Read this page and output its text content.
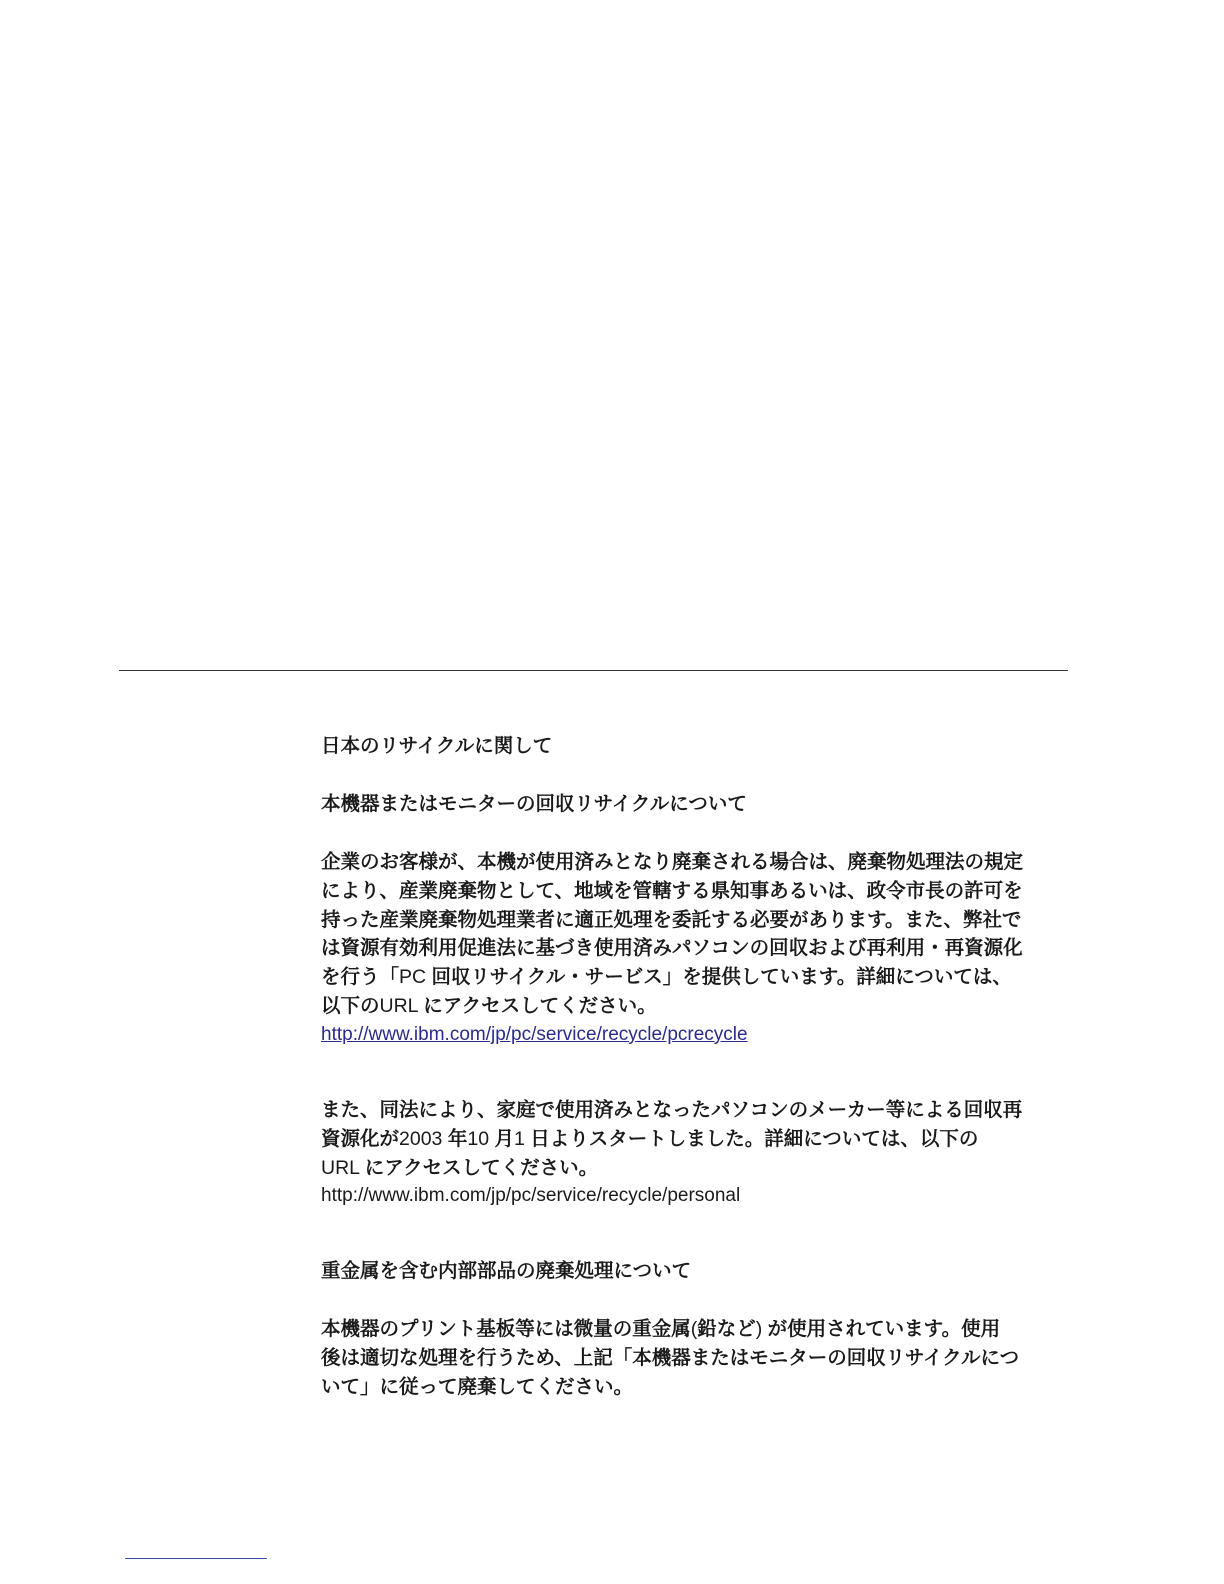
日本のリサイクルに関して
本機器またはモニターの回収リサイクルについて
企業のお客様が、本機が使用済みとなり廃棄される場合は、廃棄物処理法の規定
により、産業廃棄物として、地域を管轄する県知事あるいは、政令市長の許可を
持った産業廃棄物処理業者に適正処理を委託する必要があります。また、弊社で
は資源有効利用促進法に基づき使用済みパソコンの回収および再利用・再資源化
を行う「PC 回収リサイクル・サービス」を提供しています。詳細については、
以下のURL にアクセスしてください。
http://www.ibm.com/jp/pc/service/recycle/pcrecycle
また、同法により、家庭で使用済みとなったパソコンのメーカー等による回収再
資源化が2003 年10 月1 日よりスタートしました。詳細については、以下の
URL にアクセスしてください。
http://www.ibm.com/jp/pc/service/recycle/personal
重金属を含む内部部品の廃棄処理について
本機器のプリント基板等には微量の重金属(鉛など) が使用されています。使用
後は適切な処理を行うため、上記「本機器またはモニターの回収リサイクルにつ
いて」に従って廃棄してください。
